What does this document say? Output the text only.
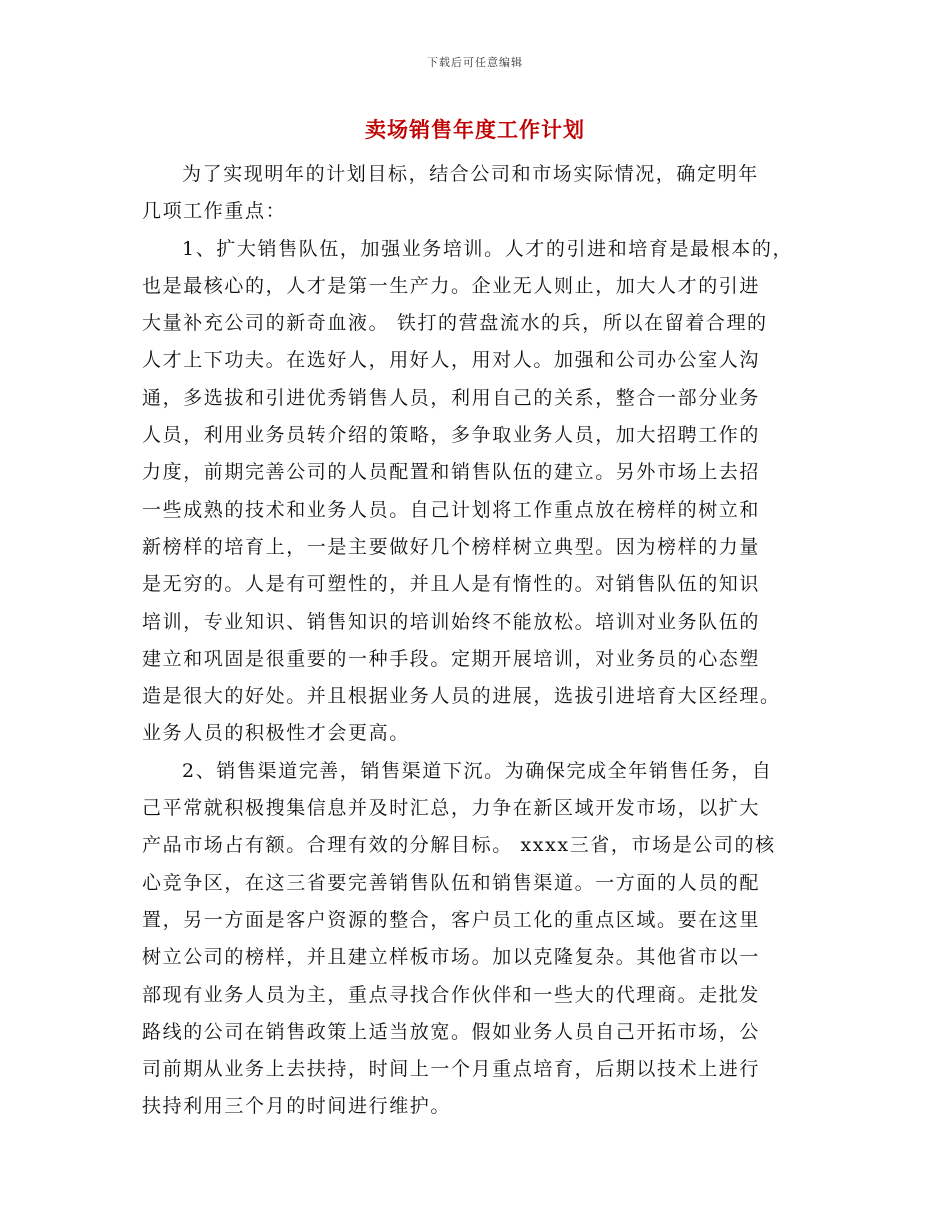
下载后可任意编辑
卖场销售年度工作计划
为了实现明年的计划目标，结合公司和市场实际情况，确定明年
几项工作重点：
1、扩大销售队伍，加强业务培训。人才的引进和培育是最根本的，
也是最核心的，人才是第一生产力。企业无人则止，加大人才的引进
大量补充公司的新奇血液。 铁打的营盘流水的兵，所以在留着合理的
人才上下功夫。在选好人，用好人，用对人。加强和公司办公室人沟
通，多选拔和引进优秀销售人员，利用自己的关系，整合一部分业务
人员，利用业务员转介绍的策略，多争取业务人员，加大招聘工作的
力度，前期完善公司的人员配置和销售队伍的建立。另外市场上去招
一些成熟的技术和业务人员。自己计划将工作重点放在榜样的树立和
新榜样的培育上，一是主要做好几个榜样树立典型。因为榜样的力量
是无穷的。人是有可塑性的，并且人是有惰性的。对销售队伍的知识
培训，专业知识、销售知识的培训始终不能放松。培训对业务队伍的
建立和巩固是很重要的一种手段。定期开展培训，对业务员的心态塑
造是很大的好处。并且根据业务人员的进展，选拔引进培育大区经理。
业务人员的积极性才会更高。
2、销售渠道完善，销售渠道下沉。为确保完成全年销售任务，自
己平常就积极搜集信息并及时汇总，力争在新区域开发市场，以扩大
产品市场占有额。合理有效的分解目标。 xxxx三省，市场是公司的核
心竞争区，在这三省要完善销售队伍和销售渠道。一方面的人员的配
置，另一方面是客户资源的整合，客户员工化的重点区域。要在这里
树立公司的榜样，并且建立样板市场。加以克隆复杂。其他省市以一
部现有业务人员为主，重点寻找合作伙伴和一些大的代理商。走批发
路线的公司在销售政策上适当放宽。假如业务人员自己开拓市场，公
司前期从业务上去扶持，时间上一个月重点培育，后期以技术上进行
扶持利用三个月的时间进行维护。
